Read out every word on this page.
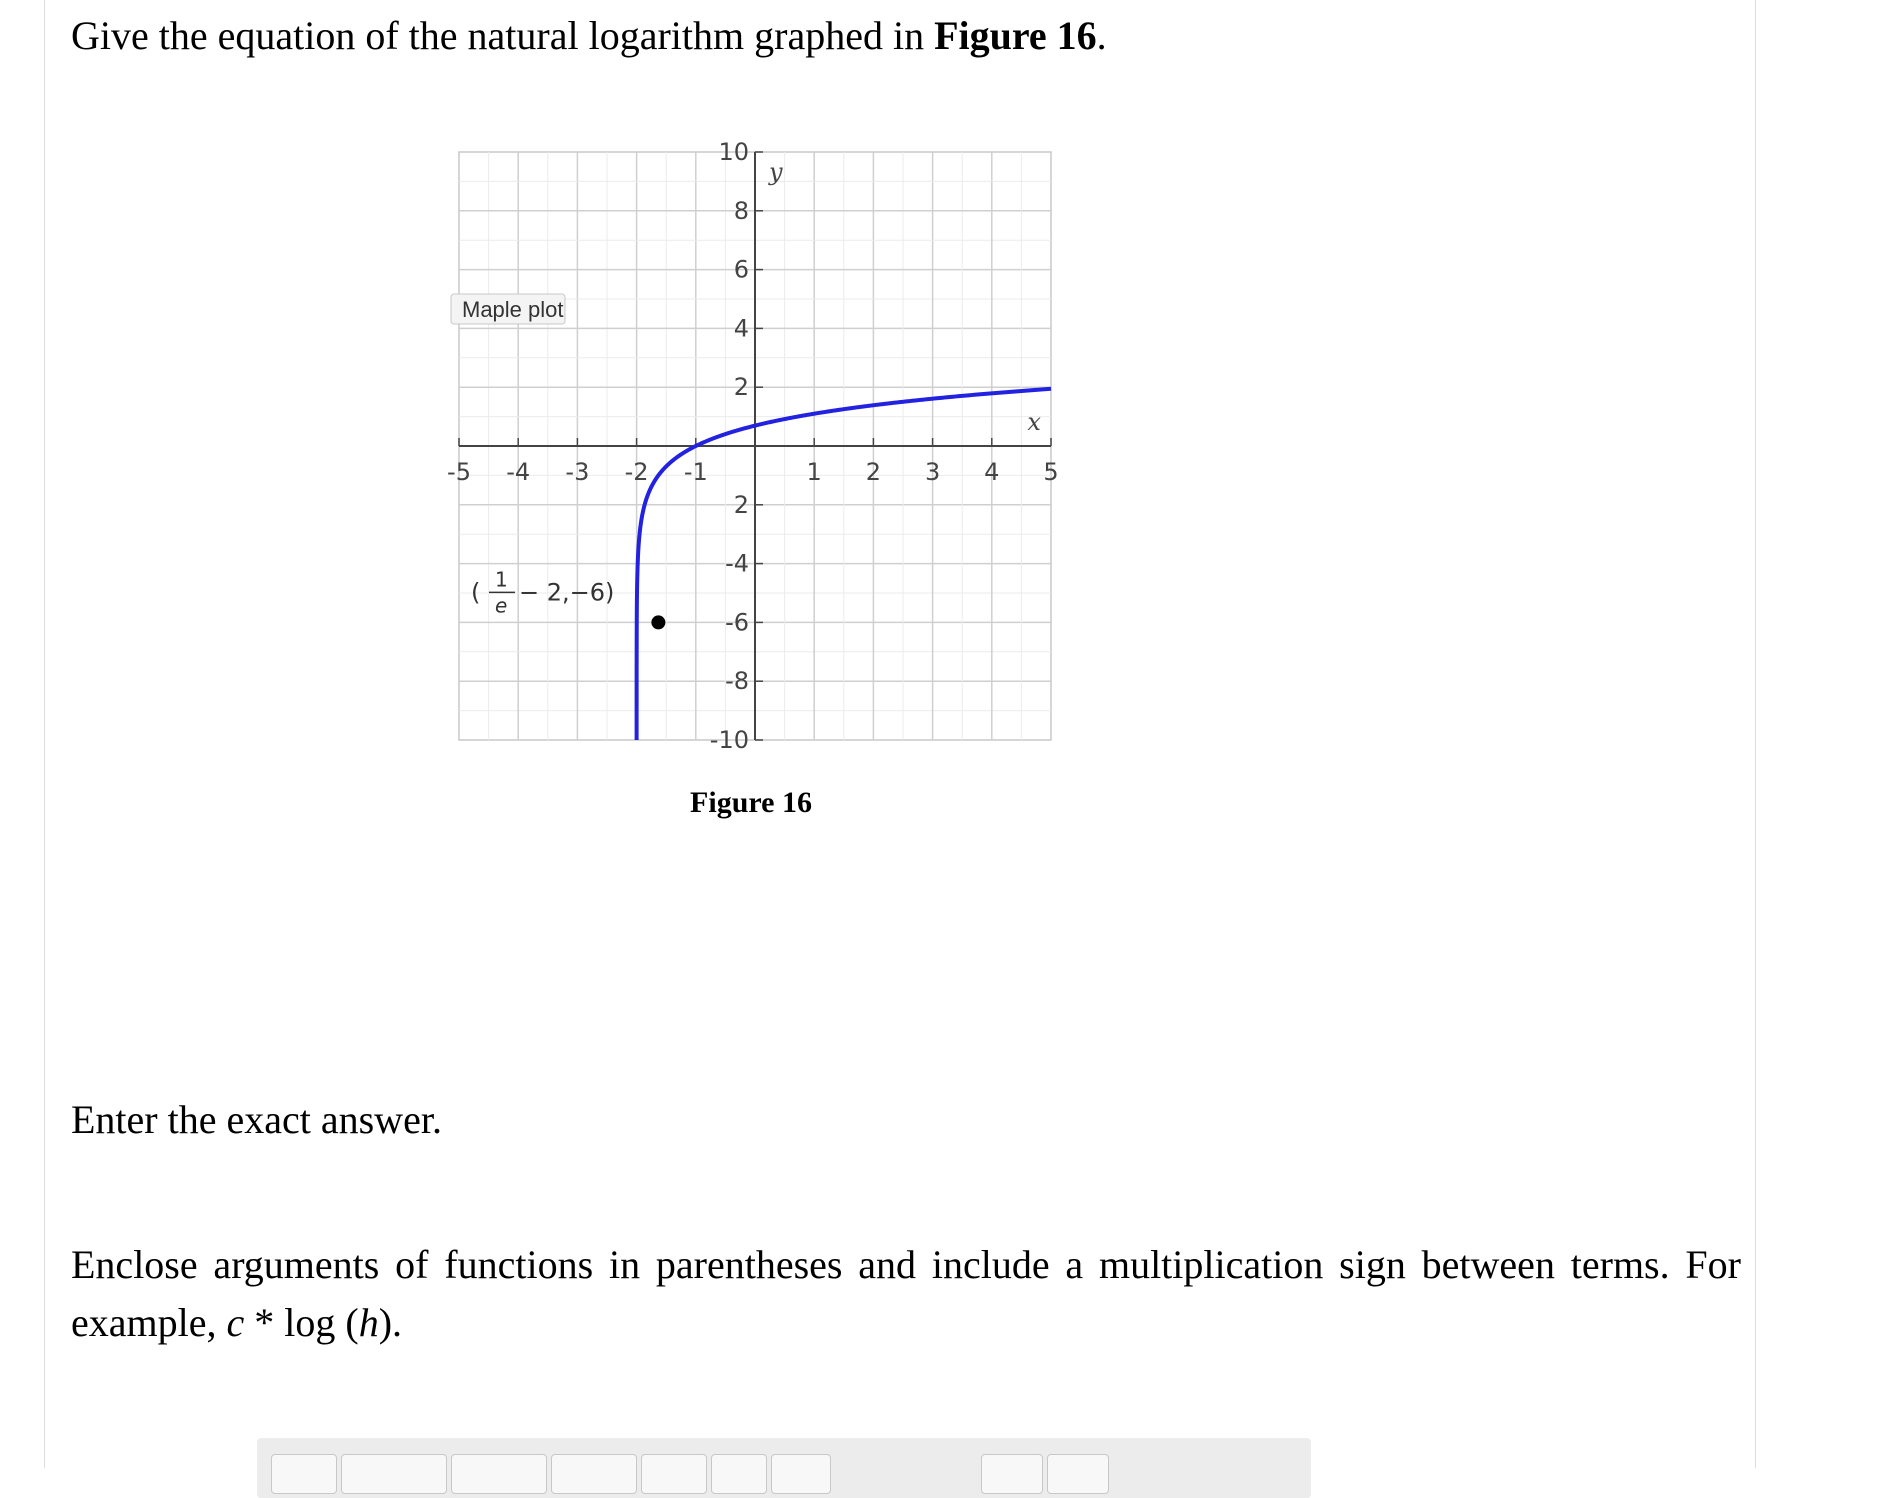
Give the equation of the natural logarithm graphed in Figure 16.

-5 -4 -3 -2 -1	1 2 3 4 5
10
8
6
4
2
2
-4
-6
-8
-10
( 1
e − 2,−6)
x
y
Maple plot
Figure 16

Enter the exact answer.

Enclose arguments of functions in parentheses and include a multiplication sign between terms. For example, c * log (h).
